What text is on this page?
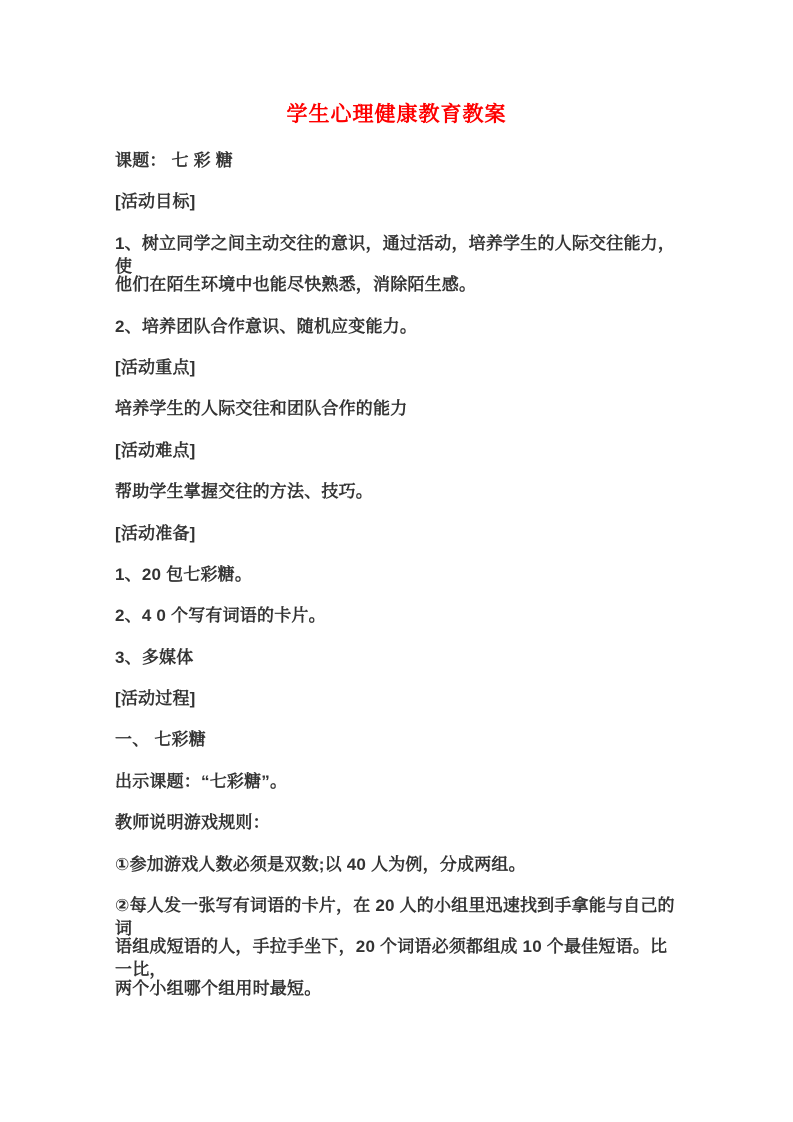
学生心理健康教育教案
课题： 七 彩 糖
[活动目标]
1、树立同学之间主动交往的意识，通过活动，培养学生的人际交往能力，使
他们在陌生环境中也能尽快熟悉，消除陌生感。
2、培养团队合作意识、随机应变能力。
[活动重点]
培养学生的人际交往和团队合作的能力
[活动难点]
帮助学生掌握交往的方法、技巧。
[活动准备]
1、20 包七彩糖。
2、4 0 个写有词语的卡片。
3、多媒体
[活动过程]
一、 七彩糖
出示课题：“七彩糖”。
教师说明游戏规则：
①参加游戏人数必须是双数;以 40 人为例，分成两组。
②每人发一张写有词语的卡片，在 20 人的小组里迅速找到手拿能与自己的词
语组成短语的人，手拉手坐下，20 个词语必须都组成 10 个最佳短语。比一比，
两个小组哪个组用时最短。
